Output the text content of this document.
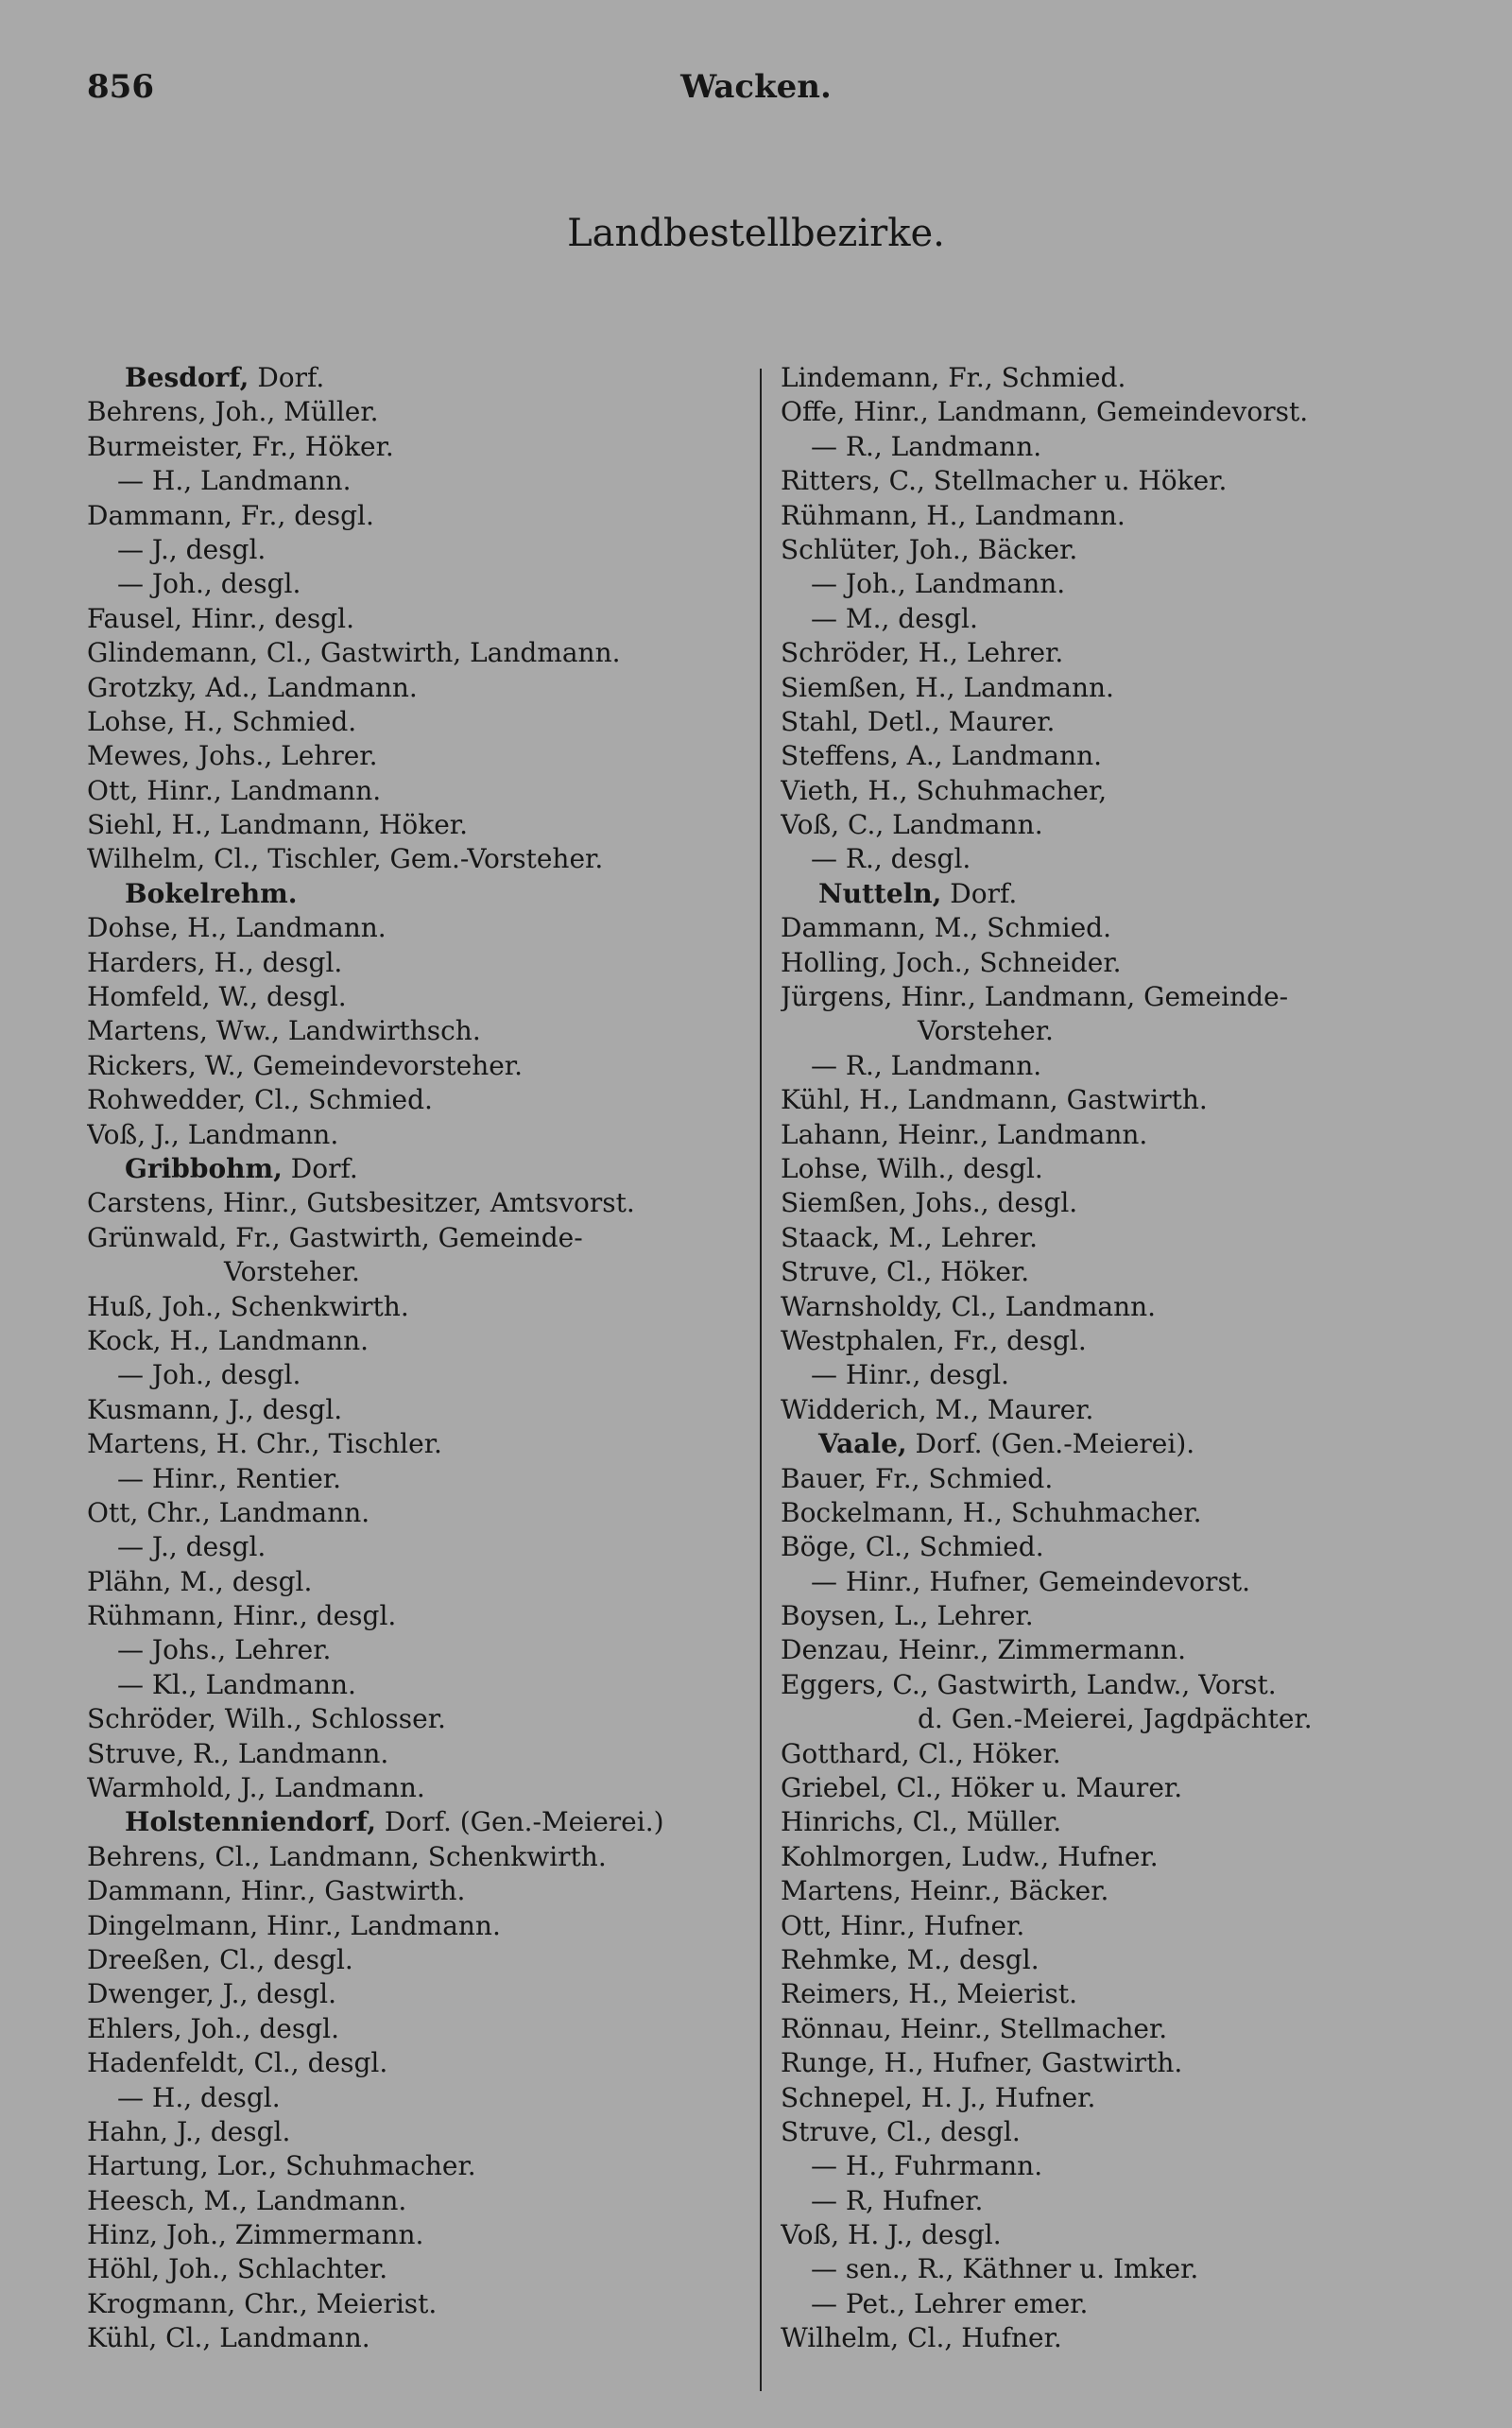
856	Wacken.
Landbestellbezirke.
Besdorf, Dorf.
Behrens, Joh., Müller.
Burmeister, Fr., Höker.
— H., Landmann.
Dammann, Fr., desgl.
— J., desgl.
— Joh., desgl.
Fausel, Hinr., desgl.
Glindemann, Cl., Gastwirth, Landmann.
Grotzky, Ad., Landmann.
Lohse, H., Schmied.
Mewes, Johs., Lehrer.
Ott, Hinr., Landmann.
Siehl, H., Landmann, Höker.
Wilhelm, Cl., Tischler, Gem.-Vorsteher.
Bokelrehm.
Dohse, H., Landmann.
Harders, H., desgl.
Homfeld, W., desgl.
Martens, Ww., Landwirthsch.
Rickers, W., Gemeindevorsteher.
Rohwedder, Cl., Schmied.
Voß, J., Landmann.
Gribbohm, Dorf.
Carstens, Hinr., Gutsbesitzer, Amtsvorst.
Grünwald, Fr., Gastwirth, Gemeinde-
Vorsteher.
Huß, Joh., Schenkwirth.
Kock, H., Landmann.
— Joh., desgl.
Kusmann, J., desgl.
Martens, H. Chr., Tischler.
— Hinr., Rentier.
Ott, Chr., Landmann.
— J., desgl.
Plähn, M., desgl.
Rühmann, Hinr., desgl.
— Johs., Lehrer.
— Kl., Landmann.
Schröder, Wilh., Schlosser.
Struve, R., Landmann.
Warmhold, J., Landmann.
Holstenniendorf, Dorf. (Gen.-Meierei.)
Behrens, Cl., Landmann, Schenkwirth.
Dammann, Hinr., Gastwirth.
Dingelmann, Hinr., Landmann.
Dreeßen, Cl., desgl.
Dwenger, J., desgl.
Ehlers, Joh., desgl.
Hadenfeldt, Cl., desgl.
— H., desgl.
Hahn, J., desgl.
Hartung, Lor., Schuhmacher.
Heesch, M., Landmann.
Hinz, Joh., Zimmermann.
Höhl, Joh., Schlachter.
Krogmann, Chr., Meierist.
Kühl, Cl., Landmann.
Lindemann, Fr., Schmied.
Offe, Hinr., Landmann, Gemeindevorst.
— R., Landmann.
Ritters, C., Stellmacher u. Höker.
Rühmann, H., Landmann.
Schlüter, Joh., Bäcker.
— Joh., Landmann.
— M., desgl.
Schröder, H., Lehrer.
Siemßen, H., Landmann.
Stahl, Detl., Maurer.
Steffens, A., Landmann.
Vieth, H., Schuhmacher,
Voß, C., Landmann.
— R., desgl.
Nutteln, Dorf.
Dammann, M., Schmied.
Holling, Joch., Schneider.
Jürgens, Hinr., Landmann, Gemeinde-
Vorsteher.
— R., Landmann.
Kühl, H., Landmann, Gastwirth.
Lahann, Heinr., Landmann.
Lohse, Wilh., desgl.
Siemßen, Johs., desgl.
Staack, M., Lehrer.
Struve, Cl., Höker.
Warnsholdy, Cl., Landmann.
Westphalen, Fr., desgl.
— Hinr., desgl.
Widderich, M., Maurer.
Vaale, Dorf. (Gen.-Meierei).
Bauer, Fr., Schmied.
Bockelmann, H., Schuhmacher.
Böge, Cl., Schmied.
— Hinr., Hufner, Gemeindevorst.
Boysen, L., Lehrer.
Denzau, Heinr., Zimmermann.
Eggers, C., Gastwirth, Landw., Vorst.
d. Gen.-Meierei, Jagdpächter.
Gotthard, Cl., Höker.
Griebel, Cl., Höker u. Maurer.
Hinrichs, Cl., Müller.
Kohlmorgen, Ludw., Hufner.
Martens, Heinr., Bäcker.
Ott, Hinr., Hufner.
Rehmke, M., desgl.
Reimers, H., Meierist.
Rönnau, Heinr., Stellmacher.
Runge, H., Hufner, Gastwirth.
Schnepel, H. J., Hufner.
Struve, Cl., desgl.
— H., Fuhrmann.
— R, Hufner.
Voß, H. J., desgl.
— sen., R., Käthner u. Imker.
— Pet., Lehrer emer.
Wilhelm, Cl., Hufner.
